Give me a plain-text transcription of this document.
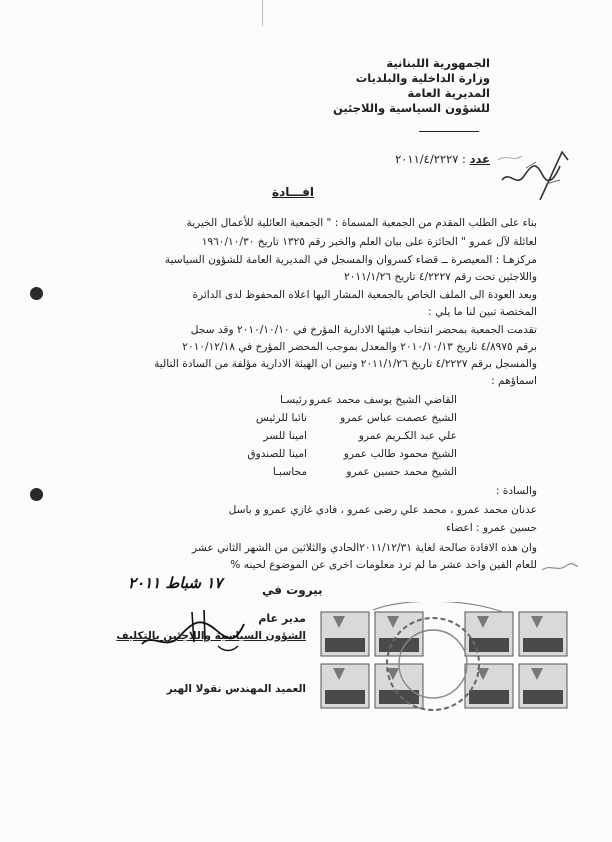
الجمهورية اللبنانية
وزارة الداخلية والبلديات
المديرية العامة
للشؤون السياسية واللاجئين
عدد : ٢٠١١/٤/٢٢٢٧
افـــادة
بناء على الطلب المقدم من الجمعية المسماة : " الجمعية العائلية للأعمال الخيرية
لعائلة لآل عمرو " الحائزة على بيان العلم والخبر رقم ١٣٢٥ تاريخ ١٩٦٠/١٠/٣٠
مركزهـا : المعيصرة ــ قضاء كسروان والمسجل في المديرية العامة للشؤون السياسية
واللاجئين تحت رقم ٤/٢٢٢٧ تاريخ ٢٠١١/١/٢٦
وبعد العودة الى الملف الخاص بالجمعية المشار اليها اعلاه المحفوظ لدى الدائرة
المختصة تبين لنا ما يلي :
تقدمت الجمعية بمحضر انتخاب هيئتها الادارية المؤرخ في ٢٠١٠/١٠/١٠ وقد سجل
برقم ٤/٨٩٧٥ تاريخ ٢٠١٠/١٠/١٣ والمعدل بموجب المحضر المؤرخ في ٢٠١٠/١٢/١٨
والمسجل برقم ٤/٢٢٢٧ تاريخ ٢٠١١/١/٢٦ وتبين ان الهيئة الادارية مؤلفة من السادة التالية
اسماؤهم :
القاضي الشيخ يوسف محمد عمرو
رئيسـا
الشيخ عصمت عباس عمرو
نائبا للرئيس
علي عبد الكـريم عمرو
امينا للسر
الشيخ محمود طالب عمرو
امينا للصندوق
الشيخ محمد حسين عمرو
محاسبـا
والسادة :
عدنان محمد عمرو ، محمد علي رضى عمرو ، فادي غازي عمرو و باسل
حسين عمرو : اعضاء
وان هذه الافادة صالحة لغاية ٢٠١١/١٢/٣١الحادي والثلاثين من الشهر الثاني عشر
للعام الفين واحد عشر ما لم ترد معلومات اخرى عن الموضوع لحينه %
١٧ شباط ٢٠١١	بيروت في
مدير عام
الشؤون السياسية واللاجئين بالتكليف
العميد المهندس نقولا الهبر
